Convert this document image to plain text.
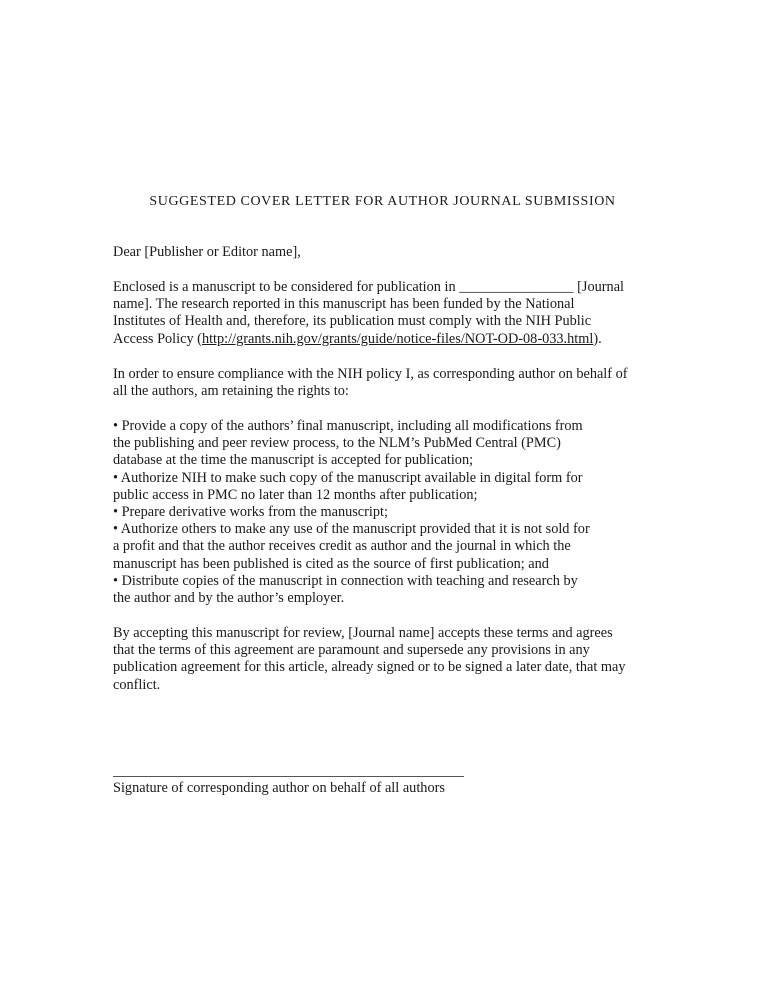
SUGGESTED COVER LETTER FOR AUTHOR JOURNAL SUBMISSION
Dear [Publisher or Editor name],
Enclosed is a manuscript to be considered for publication in ________________ [Journal
name]. The research reported in this manuscript has been funded by the National
Institutes of Health and, therefore, its publication must comply with the NIH Public
Access Policy (http://grants.nih.gov/grants/guide/notice-files/NOT-OD-08-033.html).
In order to ensure compliance with the NIH policy I, as corresponding author on behalf of
all the authors, am retaining the rights to:
• Provide a copy of the authors’ final manuscript, including all modifications from
the publishing and peer review process, to the NLM’s PubMed Central (PMC)
database at the time the manuscript is accepted for publication;
• Authorize NIH to make such copy of the manuscript available in digital form for
public access in PMC no later than 12 months after publication;
• Prepare derivative works from the manuscript;
• Authorize others to make any use of the manuscript provided that it is not sold for
a profit and that the author receives credit as author and the journal in which the
manuscript has been published is cited as the source of first publication; and
• Distribute copies of the manuscript in connection with teaching and research by
the author and by the author’s employer.
By accepting this manuscript for review, [Journal name] accepts these terms and agrees
that the terms of this agreement are paramount and supersede any provisions in any
publication agreement for this article, already signed or to be signed a later date, that may
conflict.
Signature of corresponding author on behalf of all authors
